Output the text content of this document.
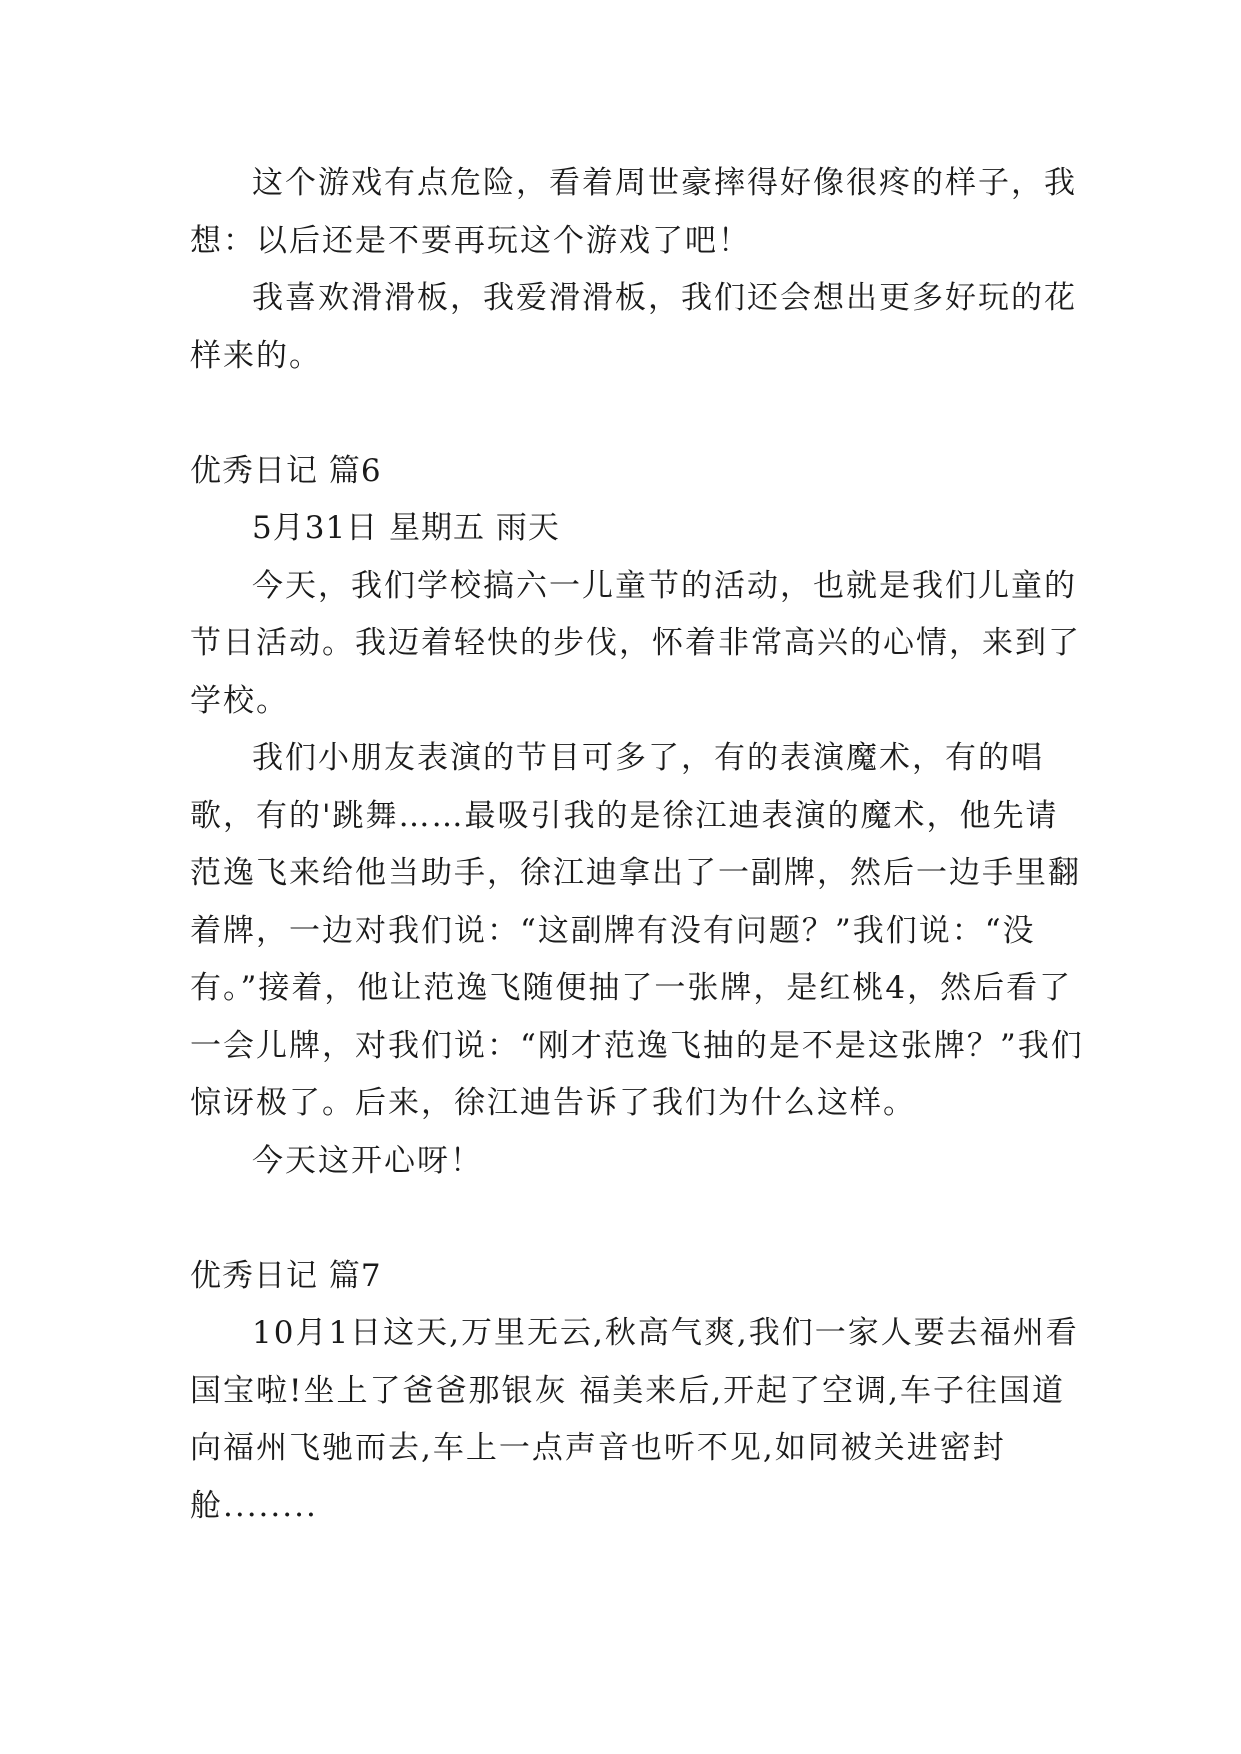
这个游戏有点危险，看着周世豪摔得好像很疼的样子，我想：以后还是不要再玩这个游戏了吧！

我喜欢滑滑板，我爱滑滑板，我们还会想出更多好玩的花样来的。

优秀日记 篇6

5月31日 星期五 雨天

今天，我们学校搞六一儿童节的活动，也就是我们儿童的节日活动。我迈着轻快的步伐，怀着非常高兴的心情，来到了学校。

我们小朋友表演的节目可多了，有的表演魔术，有的唱歌，有的'跳舞……最吸引我的是徐江迪表演的魔术，他先请范逸飞来给他当助手，徐江迪拿出了一副牌，然后一边手里翻着牌，一边对我们说：“这副牌有没有问题？”我们说：“没有。”接着，他让范逸飞随便抽了一张牌，是红桃4，然后看了一会儿牌，对我们说：“刚才范逸飞抽的是不是这张牌？”我们惊讶极了。后来，徐江迪告诉了我们为什么这样。

今天这开心呀！

优秀日记 篇7

10月1日这天,万里无云,秋高气爽,我们一家人要去福州看国宝啦!坐上了爸爸那银灰 福美来后,开起了空调,车子往国道向福州飞驰而去,车上一点声音也听不见,如同被关进密封舱........
